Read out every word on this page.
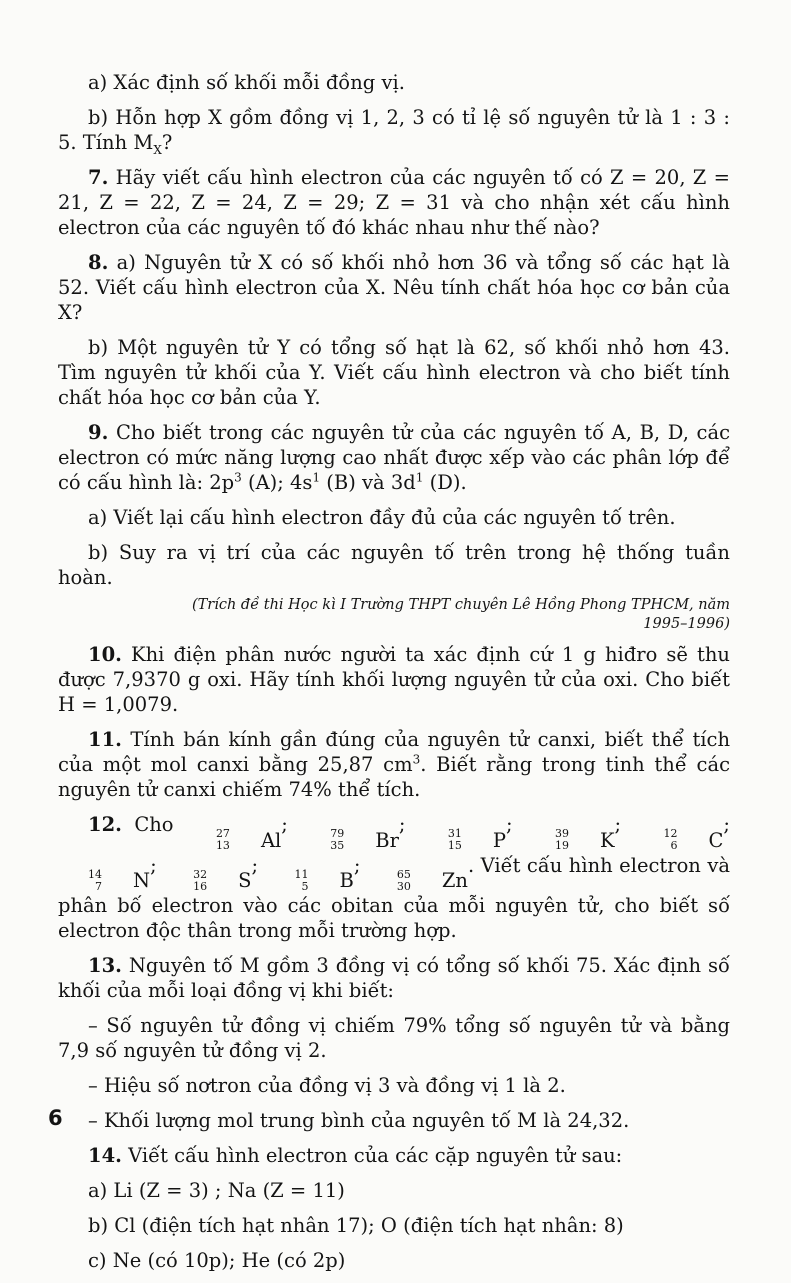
a) Xác định số khối mỗi đồng vị.

b) Hỗn hợp X gồm đồng vị 1, 2, 3 có tỉ lệ số nguyên tử là 1 : 3 : 5. Tính $M_X$?

7. Hãy viết cấu hình electron của các nguyên tố có Z = 20, Z = 21, Z = 22, Z = 24, Z = 29; Z = 31 và cho nhận xét cấu hình electron của các nguyên tố đó khác nhau như thế nào?

8. a) Nguyên tử X có số khối nhỏ hơn 36 và tổng số các hạt là 52. Viết cấu hình electron của X. Nêu tính chất hóa học cơ bản của X?

b) Một nguyên tử Y có tổng số hạt là 62, số khối nhỏ hơn 43. Tìm nguyên tử khối của Y. Viết cấu hình electron và cho biết tính chất hóa học cơ bản của Y.

9. Cho biết trong các nguyên tử của các nguyên tố A, B, D, các electron có mức năng lượng cao nhất được xếp vào các phân lớp để có cấu hình là: $2p^3$ (A); $4s^1$ (B) và $3d^1$ (D).

a) Viết lại cấu hình electron đầy đủ của các nguyên tố trên.

b) Suy ra vị trí của các nguyên tố trên trong hệ thống tuần hoàn.

(Trích đề thi Học kì I Trường THPT chuyên Lê Hồng Phong TPHCM, năm
1995–1996)

10. Khi điện phân nước người ta xác định cứ 1 g hiđro sẽ thu được 7,9370 g oxi. Hãy tính khối lượng nguyên tử của oxi. Cho biết H = 1,0079.

11. Tính bán kính gần đúng của nguyên tử canxi, biết thể tích của một mol canxi bằng 25,87 $cm^3$. Biết rằng trong tinh thể các nguyên tử canxi chiếm 74% thể tích.

12. Cho	27
13	Al
;	79
35	Br
;	31
15	P
;	39
19	K
;	12
6	C
;
14
7	N
;	32
16	S
;	11
5	B
;	65
30	Zn
. Viết cấu hình electron và phân bố electron vào các obitan của mỗi nguyên tử, cho biết số electron độc thân trong mỗi trường hợp.

13. Nguyên tố M gồm 3 đồng vị có tổng số khối 75. Xác định số khối của mỗi loại đồng vị khi biết:

– Số nguyên tử đồng vị chiếm 79% tổng số nguyên tử và bằng 7,9 số nguyên tử đồng vị 2.

– Hiệu số nơtron của đồng vị 3 và đồng vị 1 là 2.

– Khối lượng mol trung bình của nguyên tố M là 24,32.

14. Viết cấu hình electron của các cặp nguyên tử sau:

a) Li (Z = 3) ; Na (Z = 11)

b) Cl (điện tích hạt nhân 17); O (điện tích hạt nhân: 8)

c) Ne (có 10p); He (có 2p)

6
